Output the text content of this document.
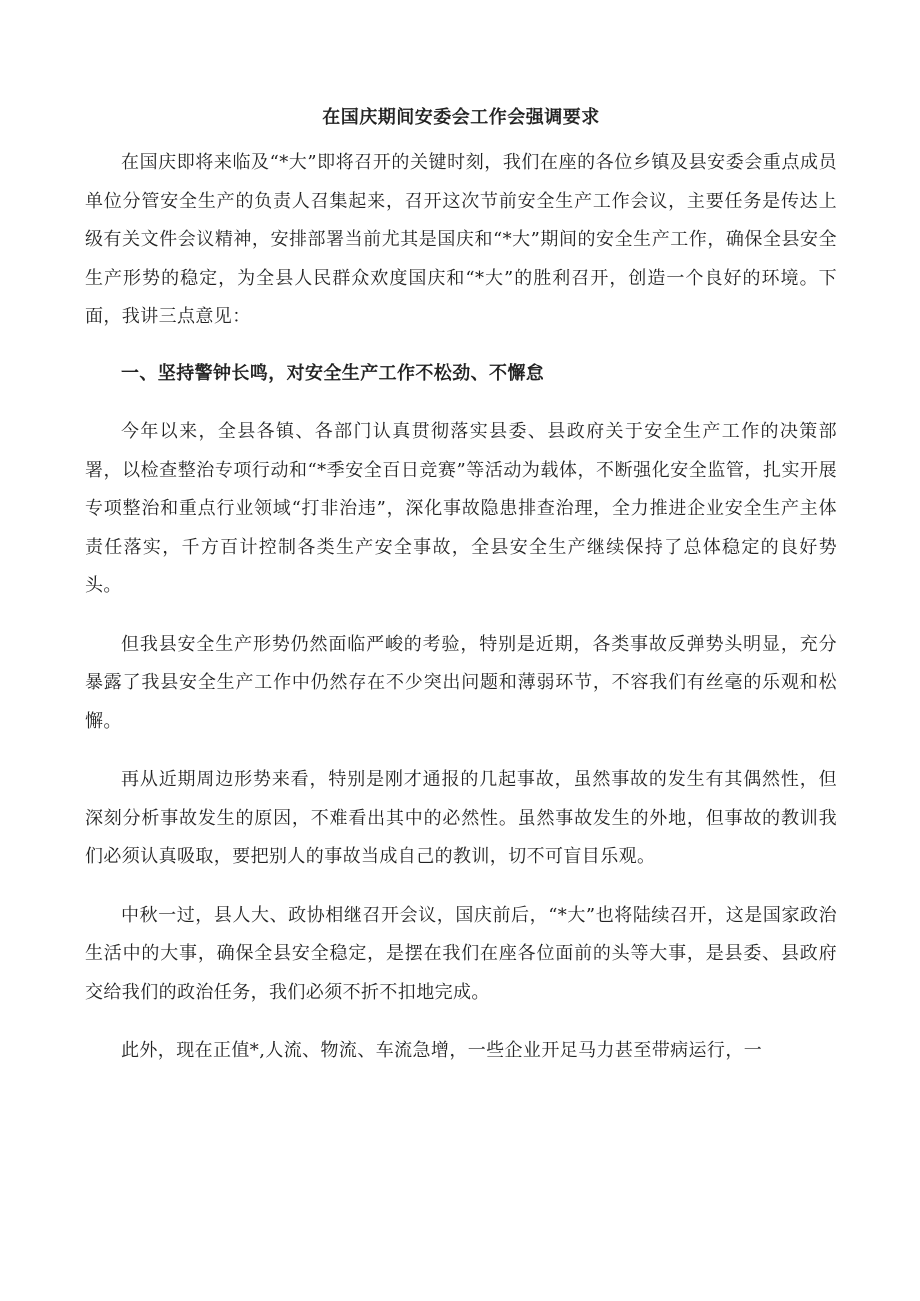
在国庆期间安委会工作会强调要求

在国庆即将来临及“*大”即将召开的关键时刻，我们在座的各位乡镇及县安委会重点成员单位分管安全生产的负责人召集起来，召开这次节前安全生产工作会议，主要任务是传达上级有关文件会议精神，安排部署当前尤其是国庆和“*大”期间的安全生产工作，确保全县安全生产形势的稳定，为全县人民群众欢度国庆和“*大”的胜利召开，创造一个良好的环境。下面，我讲三点意见：

一、坚持警钟长鸣，对安全生产工作不松劲、不懈怠

今年以来，全县各镇、各部门认真贯彻落实县委、县政府关于安全生产工作的决策部署，以检查整治专项行动和“*季安全百日竞赛”等活动为载体，不断强化安全监管，扎实开展专项整治和重点行业领域“打非治违”，深化事故隐患排查治理，全力推进企业安全生产主体责任落实，千方百计控制各类生产安全事故，全县安全生产继续保持了总体稳定的良好势头。

但我县安全生产形势仍然面临严峻的考验，特别是近期，各类事故反弹势头明显，充分暴露了我县安全生产工作中仍然存在不少突出问题和薄弱环节，不容我们有丝毫的乐观和松懈。

再从近期周边形势来看，特别是刚才通报的几起事故，虽然事故的发生有其偶然性，但深刻分析事故发生的原因，不难看出其中的必然性。虽然事故发生的外地，但事故的教训我们必须认真吸取，要把别人的事故当成自己的教训，切不可盲目乐观。

中秋一过，县人大、政协相继召开会议，国庆前后，“*大”也将陆续召开，这是国家政治生活中的大事，确保全县安全稳定，是摆在我们在座各位面前的头等大事，是县委、县政府交给我们的政治任务，我们必须不折不扣地完成。

此外，现在正值*,人流、物流、车流急增，一些企业开足马力甚至带病运行，一
